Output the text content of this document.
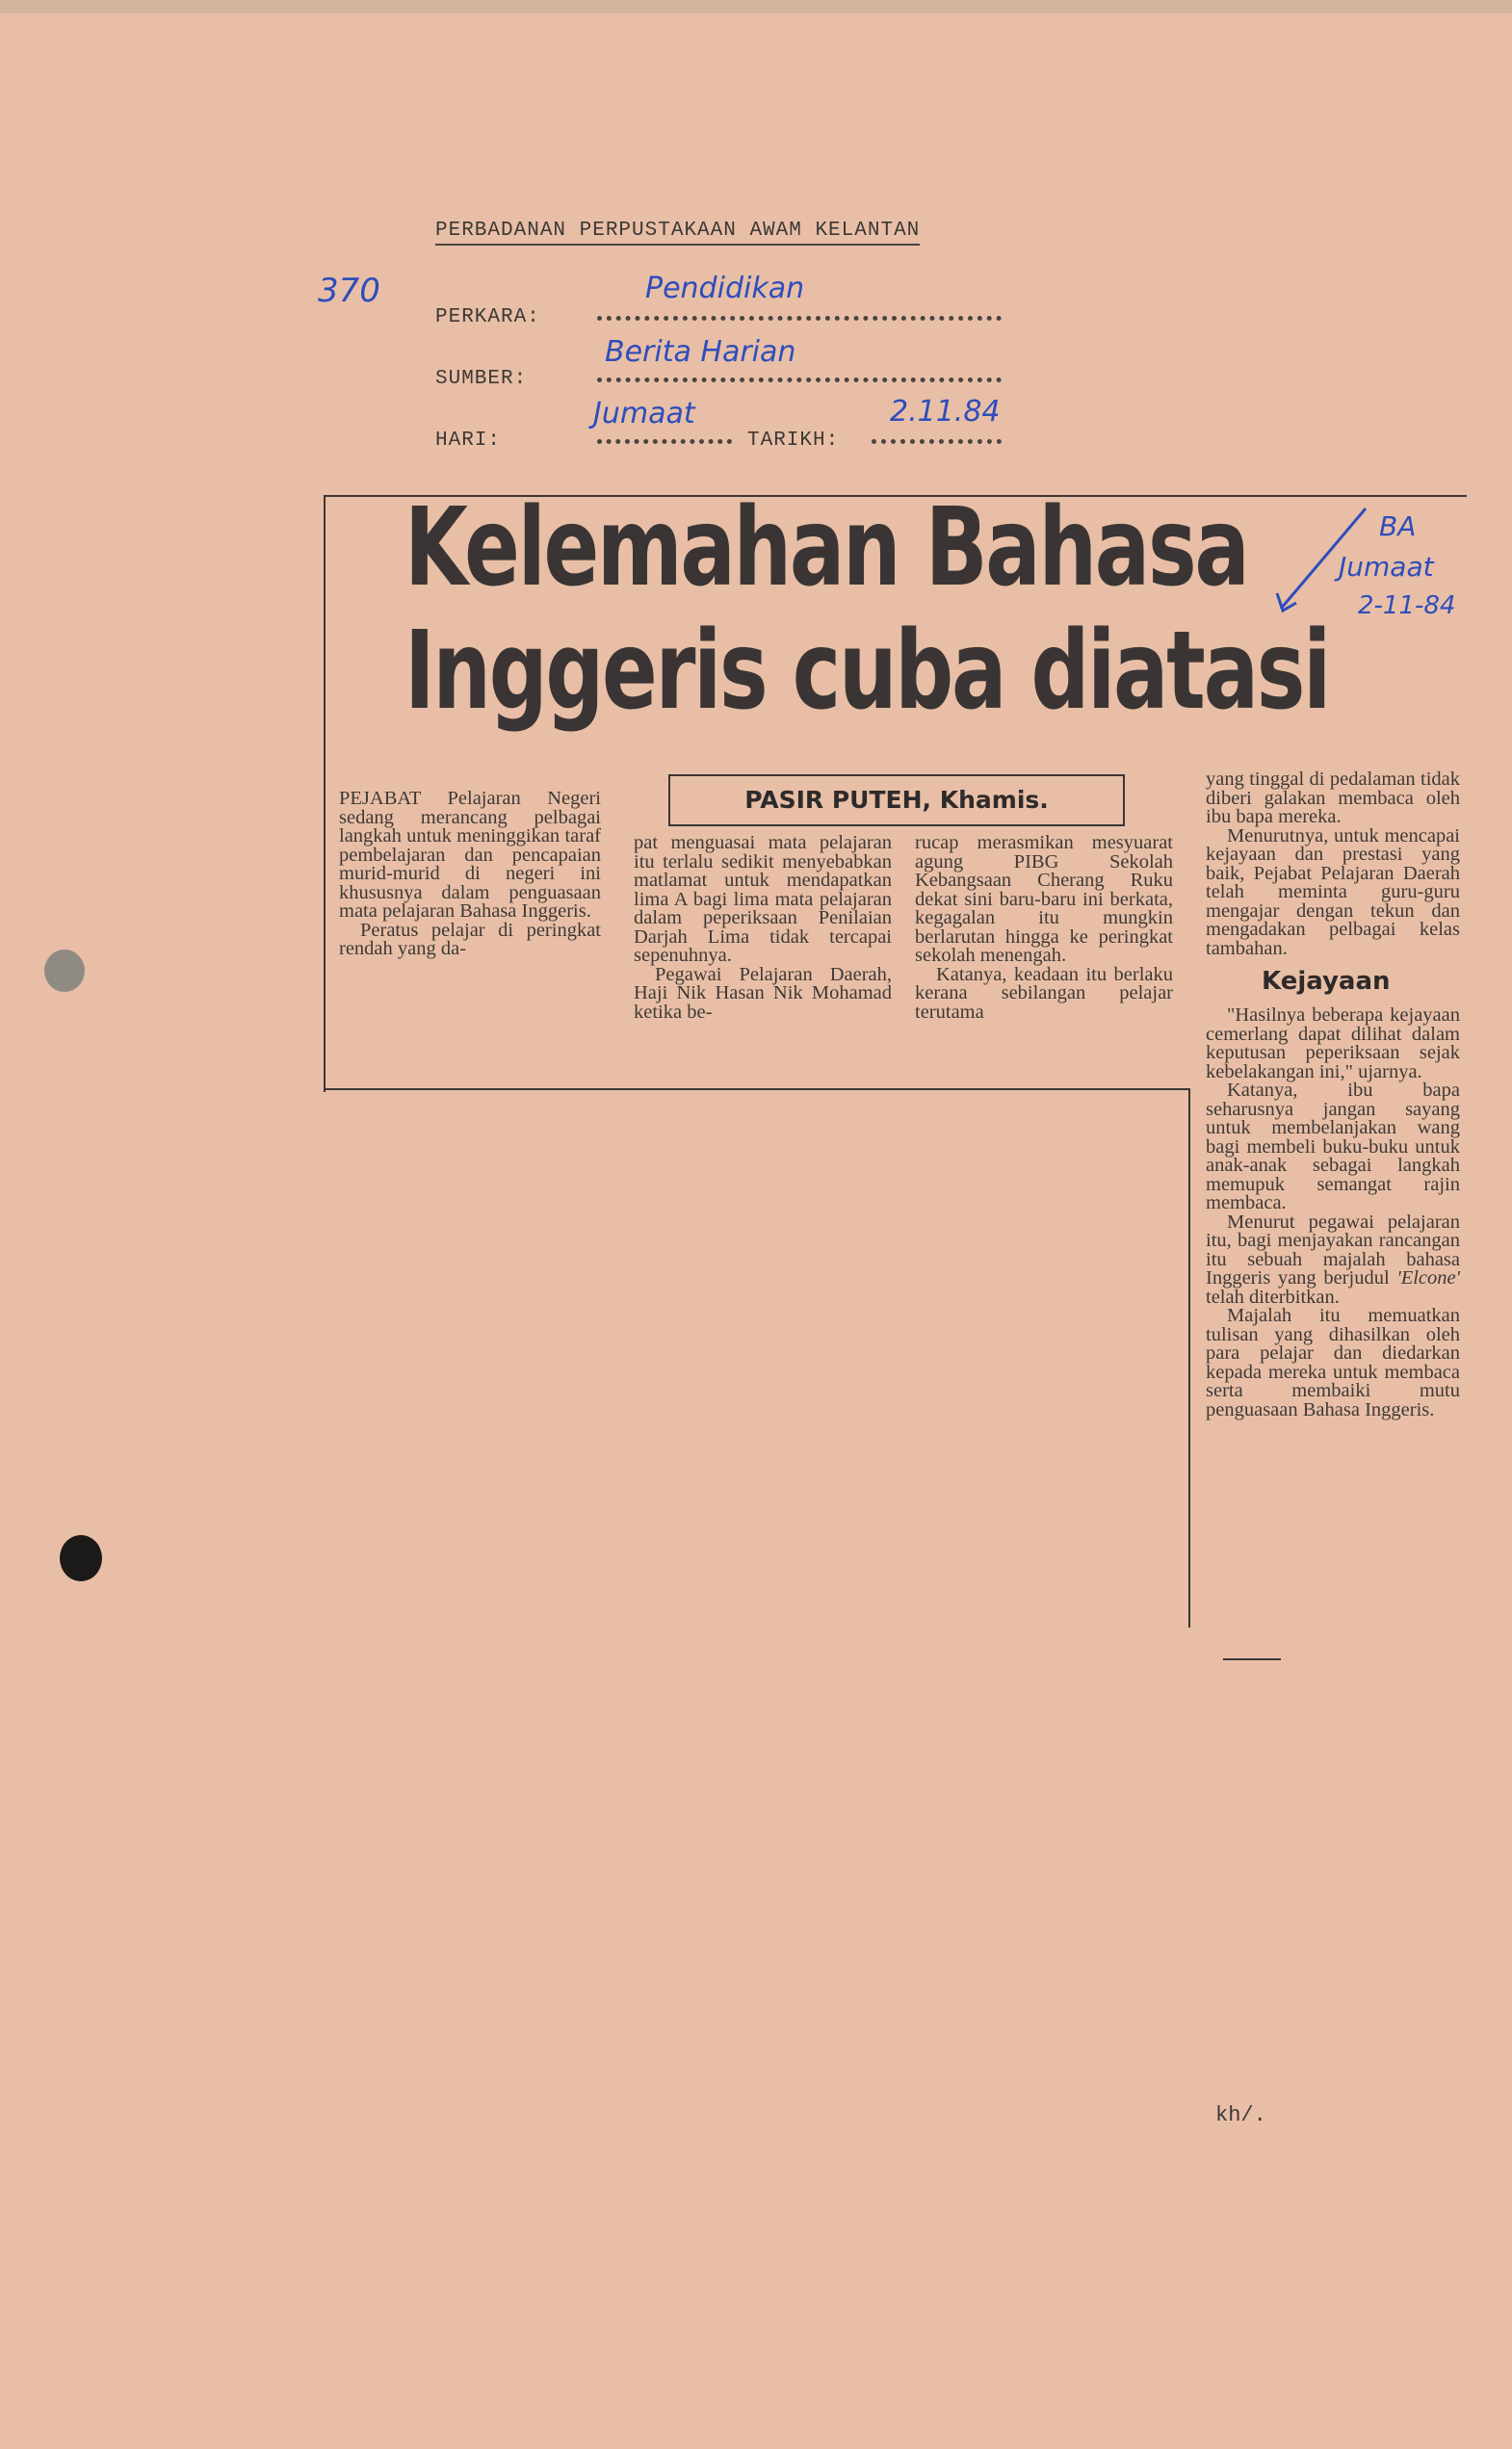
PERBADANAN PERPUSTAKAAN AWAM KELANTAN
370
PERKARA:
Pendidikan
SUMBER:
Berita Harian
HARI:
Jumaat
TARIKH:
2.11.84
Kelemahan Bahasa
Inggeris cuba diatasi
BA
Jumaat
2-11-84
PASIR PUTEH, Khamis.

PEJABAT Pelajaran Negeri sedang merancang pelbagai langkah untuk meninggikan taraf pembelajaran dan pencapaian murid-murid di negeri ini khususnya dalam penguasaan mata pelajaran Bahasa Inggeris.

Peratus pelajar di peringkat rendah yang da-

pat menguasai mata pelajaran itu terlalu sedikit menyebabkan matlamat untuk mendapatkan lima A bagi lima mata pelajaran dalam peperiksaan Penilaian Darjah Lima tidak tercapai sepenuhnya.

Pegawai Pelajaran Daerah, Haji Nik Hasan Nik Mohamad ketika be-

rucap merasmikan mesyuarat agung PIBG Sekolah Kebangsaan Cherang Ruku dekat sini baru-baru ini berkata, kegagalan itu mungkin berlarutan hingga ke peringkat sekolah menengah.

Katanya, keadaan itu berlaku kerana sebilangan pelajar terutama

yang tinggal di pedalaman tidak diberi galakan membaca oleh ibu bapa mereka.

Menurutnya, untuk mencapai kejayaan dan prestasi yang baik, Pejabat Pelajaran Daerah telah meminta guru-guru mengajar dengan tekun dan mengadakan pelbagai kelas tambahan.

Kejayaan

"Hasilnya beberapa kejayaan cemerlang dapat dilihat dalam keputusan peperiksaan sejak kebelakangan ini," ujarnya.

Katanya, ibu bapa seharusnya jangan sayang untuk membelanjakan wang bagi membeli buku-buku untuk anak-anak sebagai langkah memupuk semangat rajin membaca.

Menurut pegawai pelajaran itu, bagi menjayakan rancangan itu sebuah majalah bahasa Inggeris yang berjudul 'Elcone' telah diterbitkan.

Majalah itu memuatkan tulisan yang dihasilkan oleh para pelajar dan diedarkan kepada mereka untuk membaca serta membaiki mutu penguasaan Bahasa Inggeris.

kh/.
